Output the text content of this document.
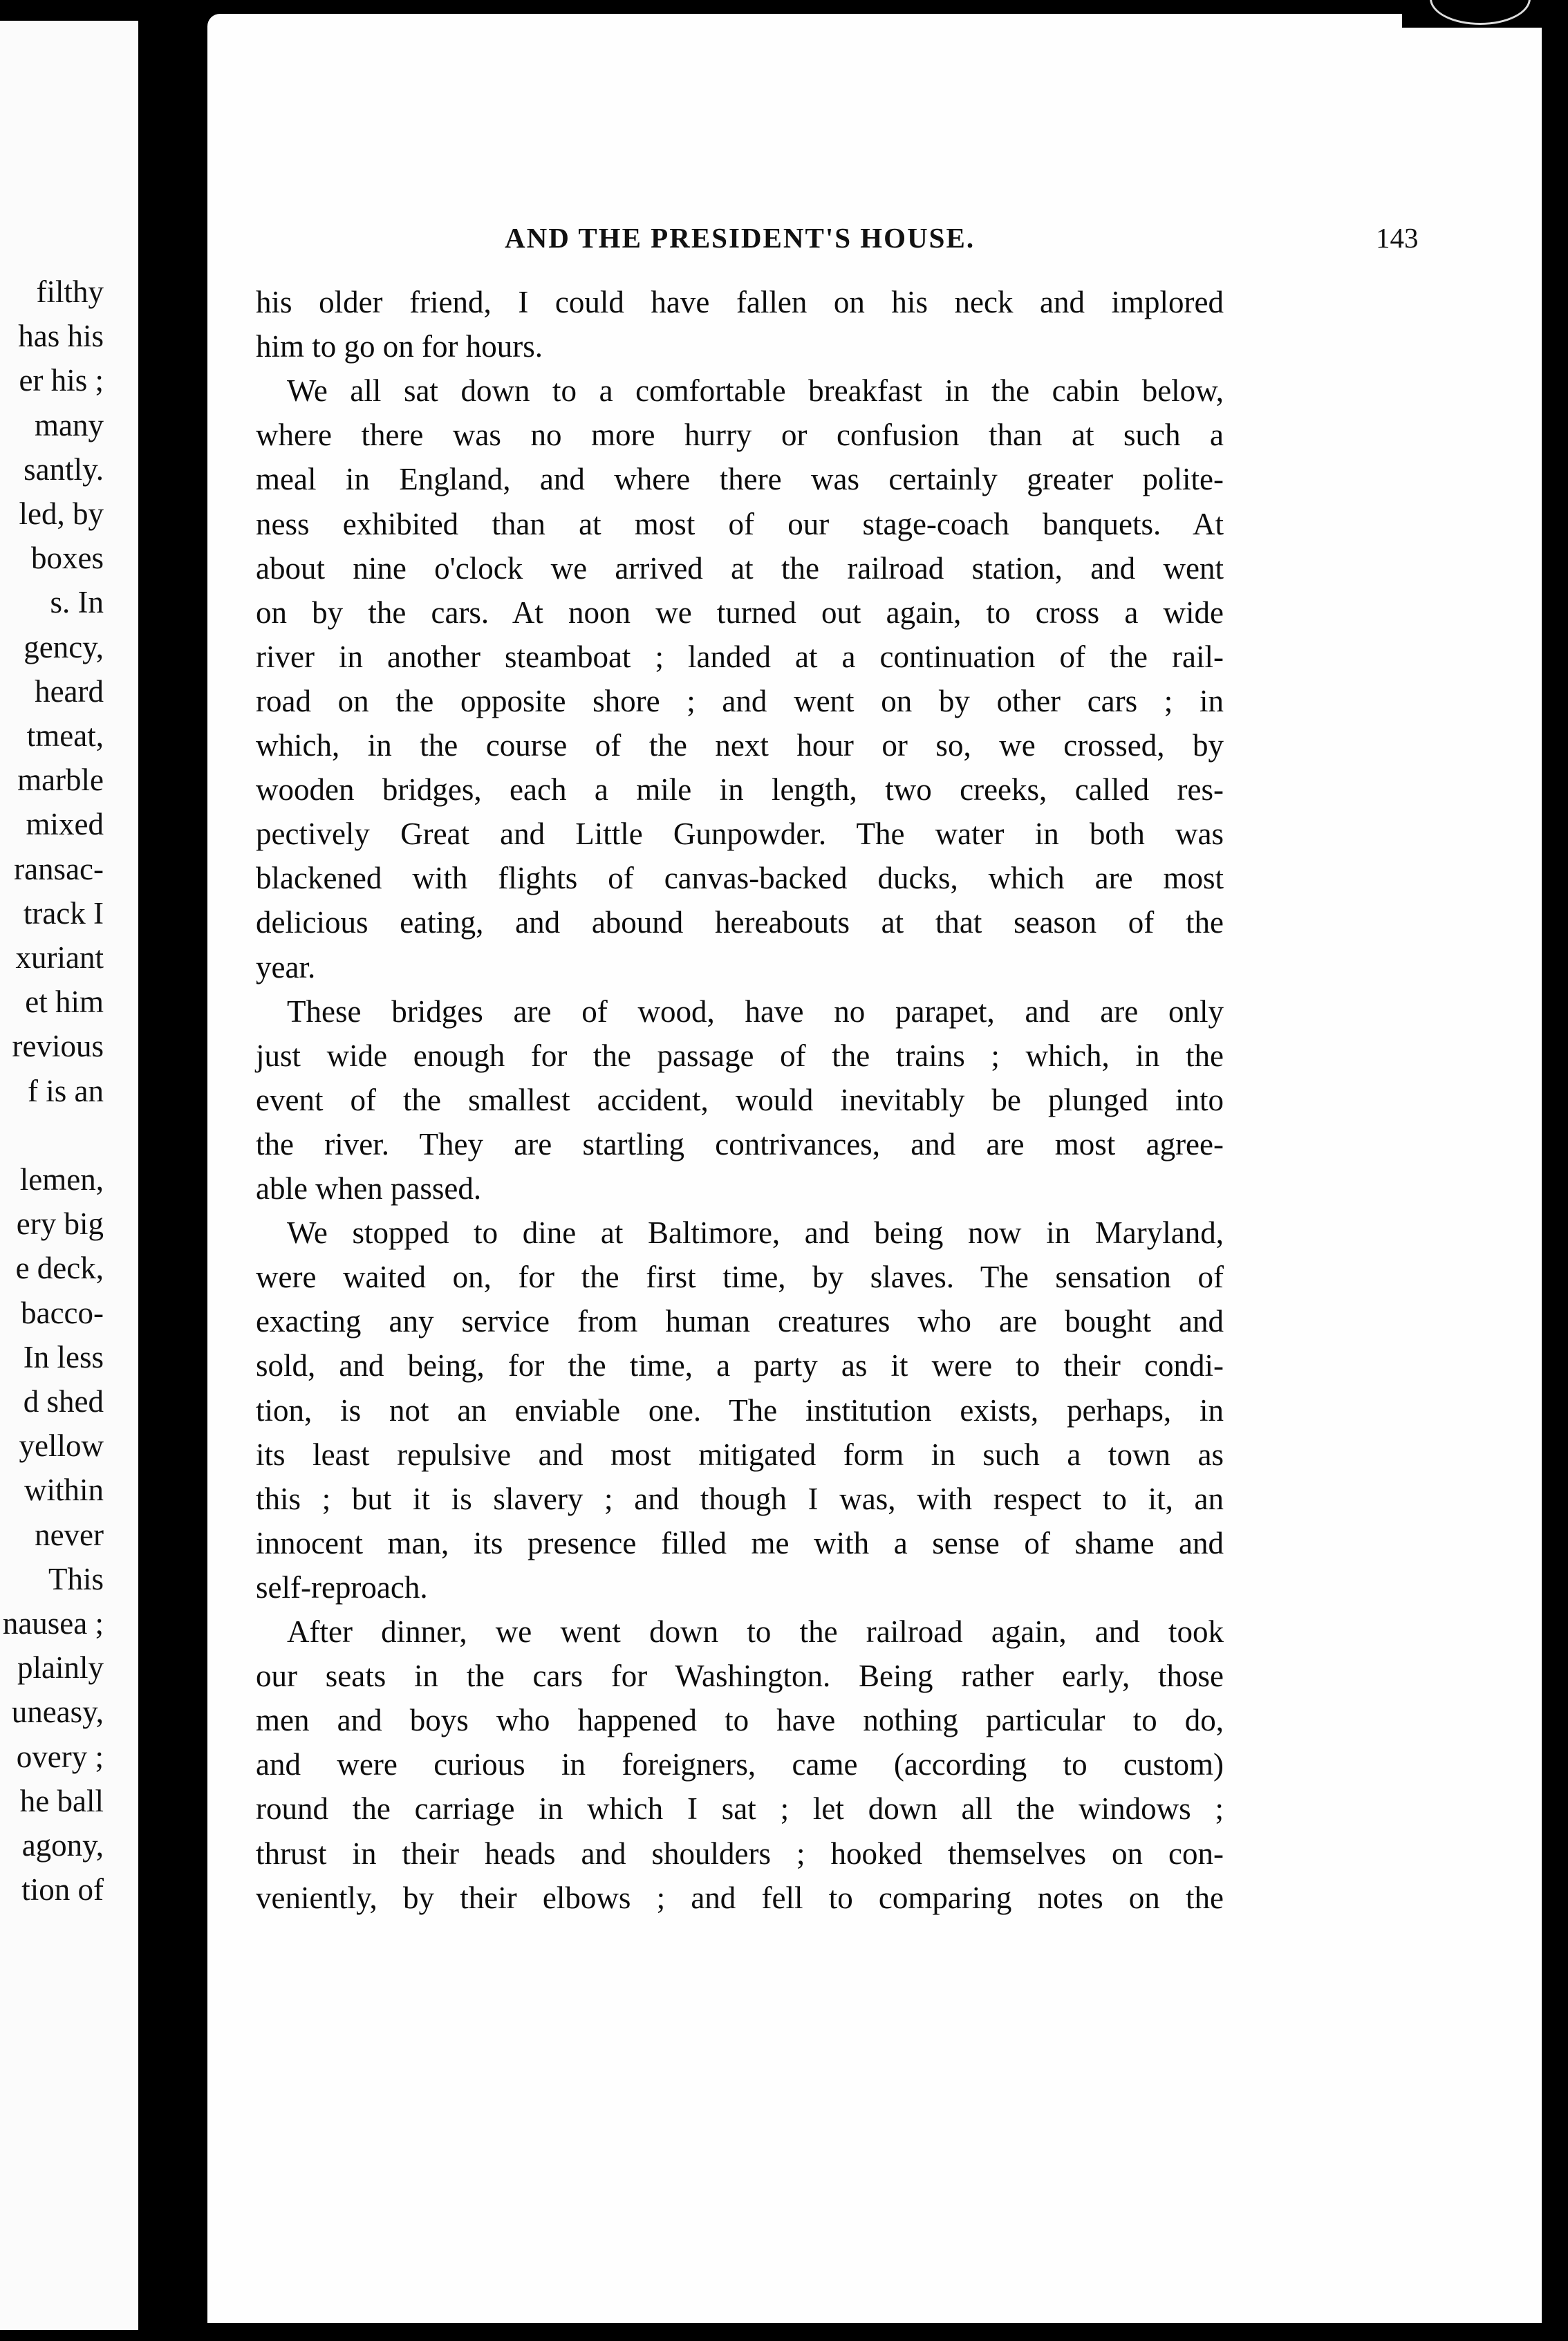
filthy
has his
er his ;
many
santly.
led, by
boxes
s. In
gency,
heard
tmeat,
marble
mixed
ransac-
track I
xuriant
et him
revious
f is an
lemen,
ery big
e deck,
bacco-
In less
d shed
yellow
within
never
This
nausea ;
plainly
uneasy,
overy ;
he ball
agony,
tion of
AND THE PRESIDENT'S HOUSE.	143
his older friend, I could have fallen on his neck and implored
him to go on for hours.
We all sat down to a comfortable breakfast in the cabin below,
where there was no more hurry or confusion than at such a
meal in England, and where there was certainly greater polite-
ness exhibited than at most of our stage-coach banquets. At
about nine o'clock we arrived at the railroad station, and went
on by the cars. At noon we turned out again, to cross a wide
river in another steamboat ; landed at a continuation of the rail-
road on the opposite shore ; and went on by other cars ; in
which, in the course of the next hour or so, we crossed, by
wooden bridges, each a mile in length, two creeks, called res-
pectively Great and Little Gunpowder. The water in both was
blackened with flights of canvas-backed ducks, which are most
delicious eating, and abound hereabouts at that season of the
year.
These bridges are of wood, have no parapet, and are only
just wide enough for the passage of the trains ; which, in the
event of the smallest accident, would inevitably be plunged into
the river. They are startling contrivances, and are most agree-
able when passed.
We stopped to dine at Baltimore, and being now in Maryland,
were waited on, for the first time, by slaves. The sensation of
exacting any service from human creatures who are bought and
sold, and being, for the time, a party as it were to their condi-
tion, is not an enviable one. The institution exists, perhaps, in
its least repulsive and most mitigated form in such a town as
this ; but it is slavery ; and though I was, with respect to it, an
innocent man, its presence filled me with a sense of shame and
self-reproach.
After dinner, we went down to the railroad again, and took
our seats in the cars for Washington. Being rather early, those
men and boys who happened to have nothing particular to do,
and were curious in foreigners, came (according to custom)
round the carriage in which I sat ; let down all the windows ;
thrust in their heads and shoulders ; hooked themselves on con-
veniently, by their elbows ; and fell to comparing notes on the
